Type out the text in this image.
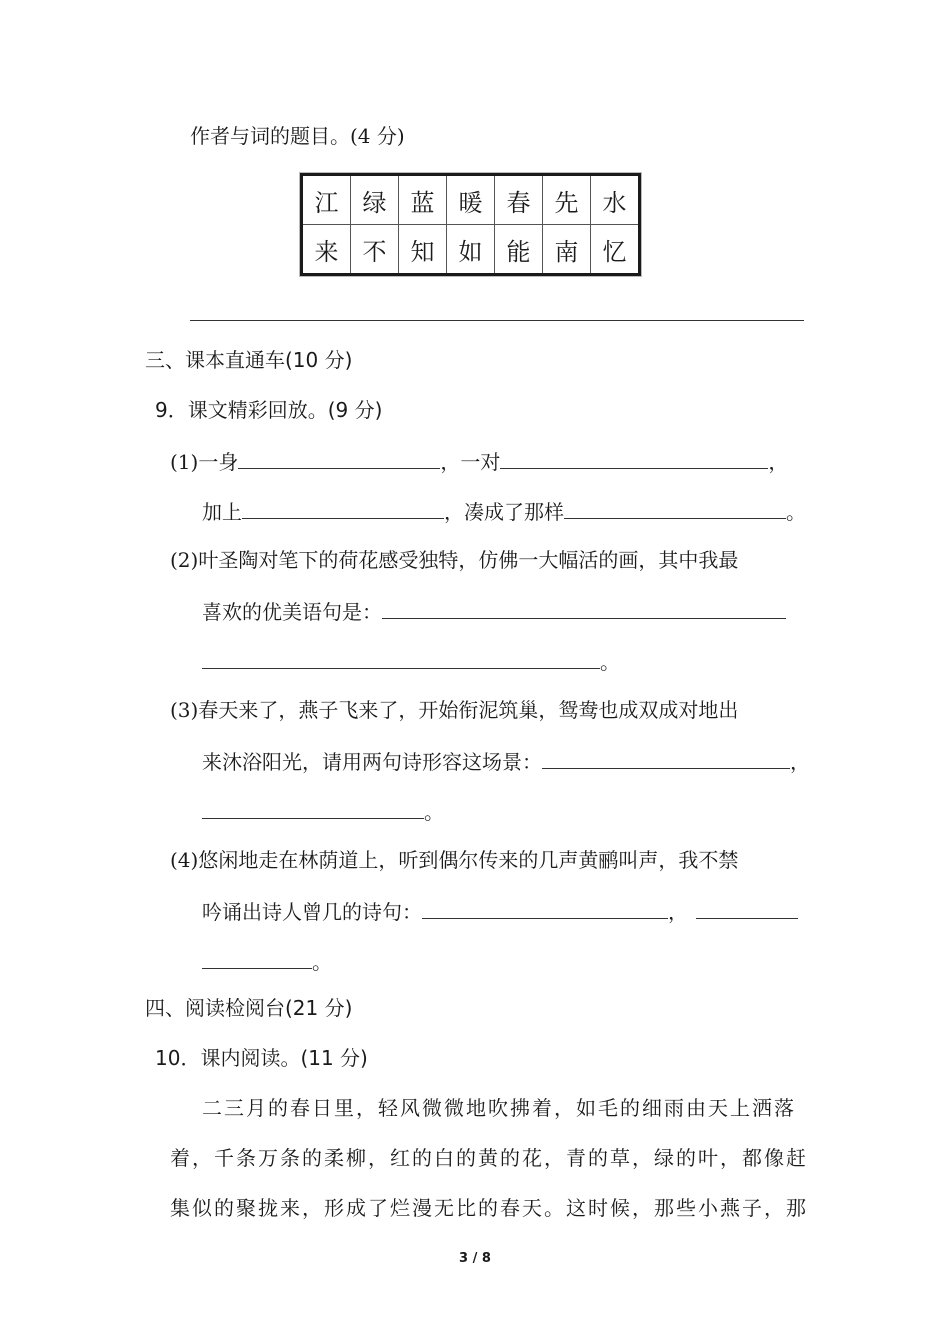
作者与词的题目。(4 分)
江	绿	蓝	暖	春	先	水
来	不	知	如	能	南	忆
三、课本直通车(10 分)
9．课文精彩回放。(9 分)
(1)一身	，一对	，
加上	，凑成了那样	。
(2)叶圣陶对笔下的荷花感受独特，仿佛一大幅活的画，其中我最
喜欢的优美语句是：
。
(3)春天来了，燕子飞来了，开始衔泥筑巢，鸳鸯也成双成对地出
来沐浴阳光，请用两句诗形容这场景：	，
。
(4)悠闲地走在林荫道上，听到偶尔传来的几声黄鹂叫声，我不禁
吟诵出诗人曾几的诗句：	，
。
四、阅读检阅台(21 分)
10．课内阅读。(11 分)
二三月的春日里，轻风微微地吹拂着，如毛的细雨由天上洒落
着，千条万条的柔柳，红的白的黄的花，青的草，绿的叶，都像赶
集似的聚拢来，形成了烂漫无比的春天。这时候，那些小燕子，那
3 / 8
